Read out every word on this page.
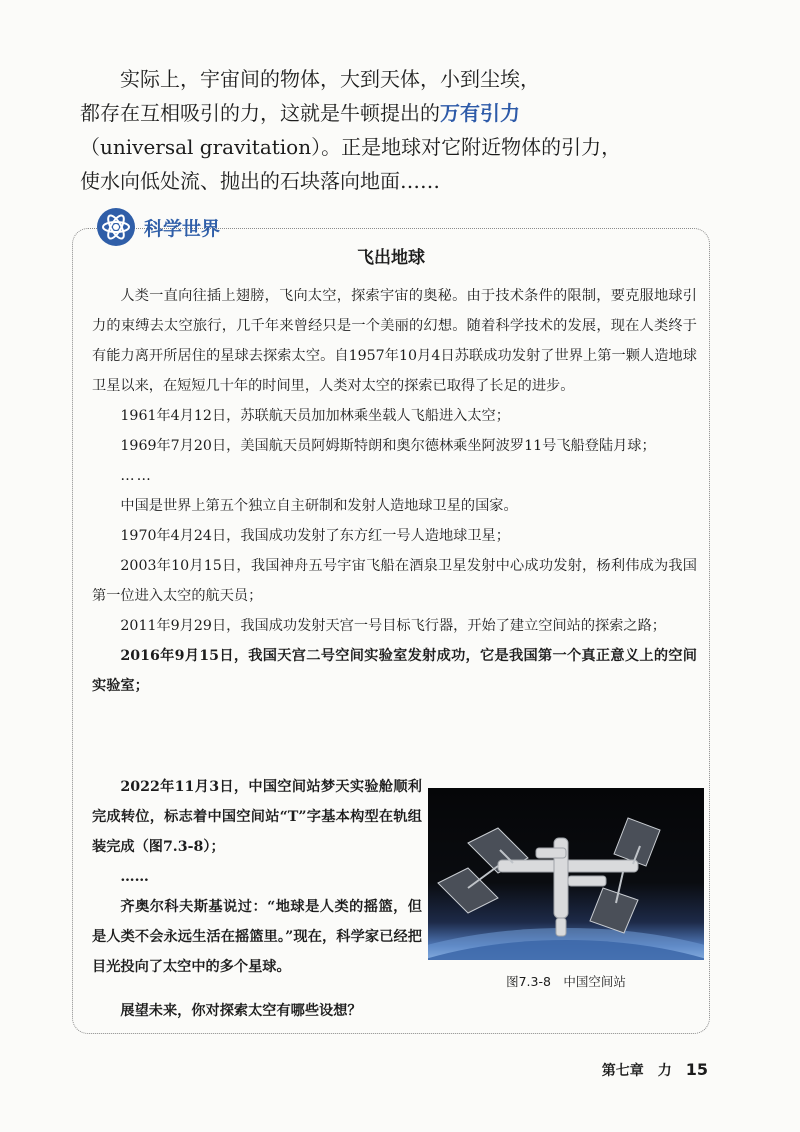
实际上，宇宙间的物体，大到天体，小到尘埃，
都存在互相吸引的力，这就是牛顿提出的万有引力
（universal gravitation）。正是地球对它附近物体的引力，
使水向低处流、抛出的石块落向地面……
科学世界
飞出地球

人类一直向往插上翅膀，飞向太空，探索宇宙的奥秘。由于技术条件的限制，要克服地球引力的束缚去太空旅行，几千年来曾经只是一个美丽的幻想。随着科学技术的发展，现在人类终于有能力离开所居住的星球去探索太空。自1957年10月4日苏联成功发射了世界上第一颗人造地球卫星以来，在短短几十年的时间里，人类对太空的探索已取得了长足的进步。

1961年4月12日，苏联航天员加加林乘坐载人飞船进入太空；

1969年7月20日，美国航天员阿姆斯特朗和奥尔德林乘坐阿波罗11号飞船登陆月球；

……

中国是世界上第五个独立自主研制和发射人造地球卫星的国家。

1970年4月24日，我国成功发射了东方红一号人造地球卫星；

2003年10月15日，我国神舟五号宇宙飞船在酒泉卫星发射中心成功发射，杨利伟成为我国第一位进入太空的航天员；

2011年9月29日，我国成功发射天宫一号目标飞行器，开始了建立空间站的探索之路；

2016年9月15日，我国天宫二号空间实验室发射成功，它是我国第一个真正意义上的空间实验室；

2022年11月3日，中国空间站梦天实验舱顺利完成转位，标志着中国空间站“T”字基本构型在轨组装完成（图7.3-8）；

……

齐奥尔科夫斯基说过：“地球是人类的摇篮，但是人类不会永远生活在摇篮里。”现在，科学家已经把目光投向了太空中的多个星球。

图7.3-8　中国空间站
展望未来，你对探索太空有哪些设想？
第七章　力 15
